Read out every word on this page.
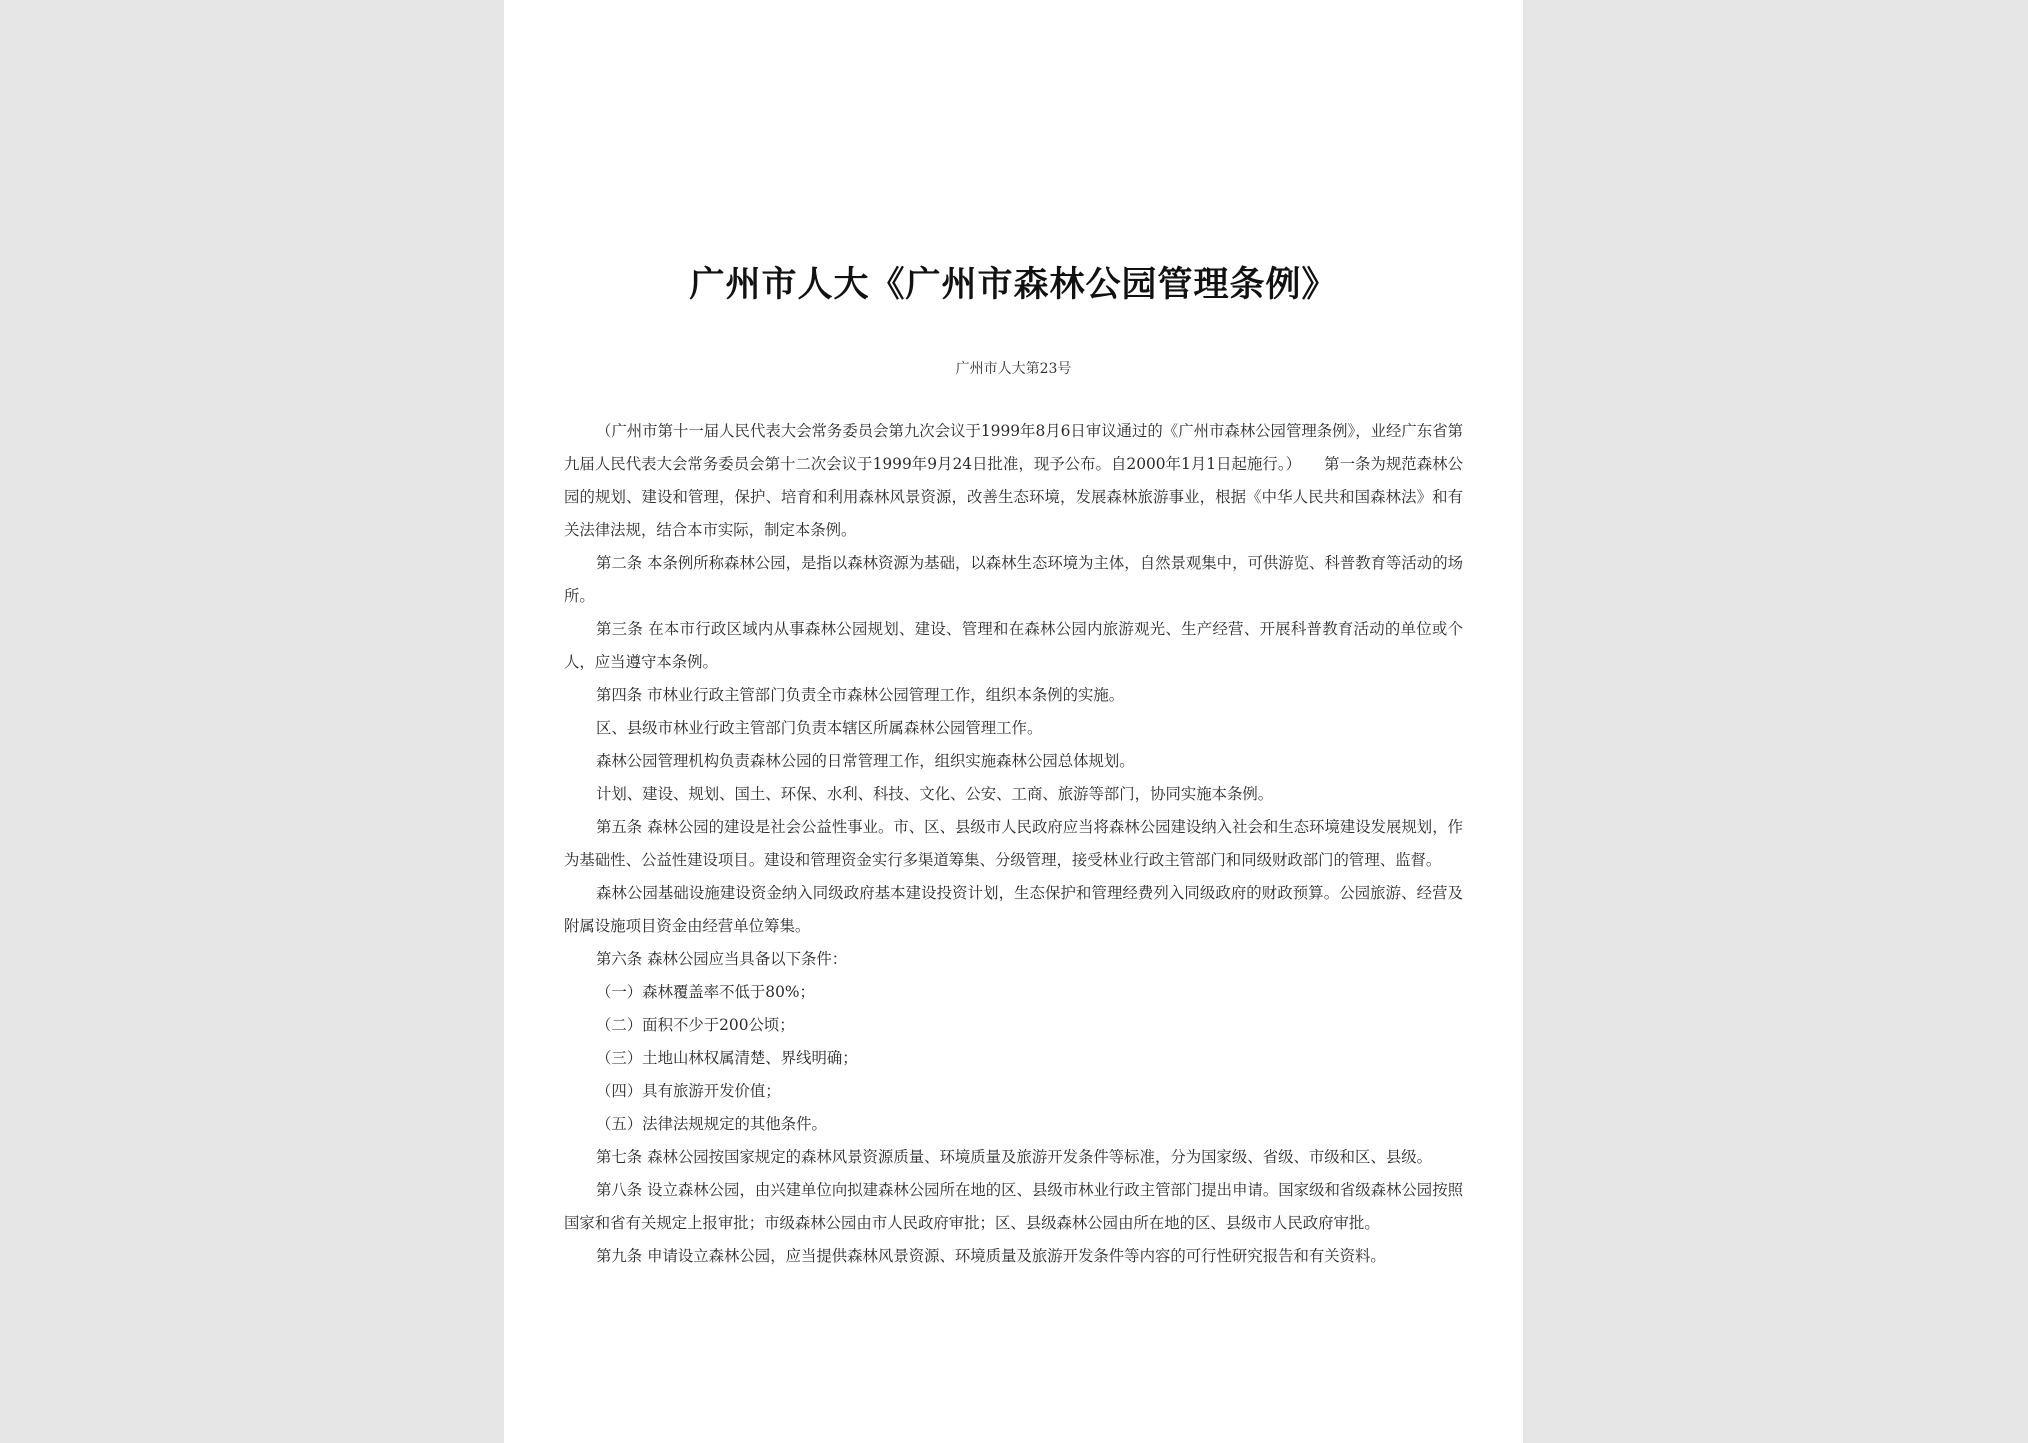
广州市人大《广州市森林公园管理条例》
广州市人大第23号

（广州市第十一届人民代表大会常务委员会第九次会议于1999年8月6日审议通过的《广州市森林公园管理条例》，业经广东省第九届人民代表大会常务委员会第十二次会议于1999年9月24日批准，现予公布。自2000年1月1日起施行。）　　第一条为规范森林公园的规划、建设和管理，保护、培育和利用森林风景资源，改善生态环境，发展森林旅游事业，根据《中华人民共和国森林法》和有关法律法规，结合本市实际，制定本条例。

第二条 本条例所称森林公园，是指以森林资源为基础，以森林生态环境为主体，自然景观集中，可供游览、科普教育等活动的场所。

第三条 在本市行政区域内从事森林公园规划、建设、管理和在森林公园内旅游观光、生产经营、开展科普教育活动的单位或个人，应当遵守本条例。

第四条 市林业行政主管部门负责全市森林公园管理工作，组织本条例的实施。

区、县级市林业行政主管部门负责本辖区所属森林公园管理工作。

森林公园管理机构负责森林公园的日常管理工作，组织实施森林公园总体规划。

计划、建设、规划、国土、环保、水利、科技、文化、公安、工商、旅游等部门，协同实施本条例。

第五条 森林公园的建设是社会公益性事业。市、区、县级市人民政府应当将森林公园建设纳入社会和生态环境建设发展规划，作为基础性、公益性建设项目。建设和管理资金实行多渠道筹集、分级管理，接受林业行政主管部门和同级财政部门的管理、监督。

森林公园基础设施建设资金纳入同级政府基本建设投资计划，生态保护和管理经费列入同级政府的财政预算。公园旅游、经营及附属设施项目资金由经营单位筹集。

第六条 森林公园应当具备以下条件：

（一）森林覆盖率不低于80%；

（二）面积不少于200公顷；

（三）土地山林权属清楚、界线明确；

（四）具有旅游开发价值；

（五）法律法规规定的其他条件。

第七条 森林公园按国家规定的森林风景资源质量、环境质量及旅游开发条件等标准，分为国家级、省级、市级和区、县级。

第八条 设立森林公园，由兴建单位向拟建森林公园所在地的区、县级市林业行政主管部门提出申请。国家级和省级森林公园按照国家和省有关规定上报审批；市级森林公园由市人民政府审批；区、县级森林公园由所在地的区、县级市人民政府审批。

第九条 申请设立森林公园，应当提供森林风景资源、环境质量及旅游开发条件等内容的可行性研究报告和有关资料。
